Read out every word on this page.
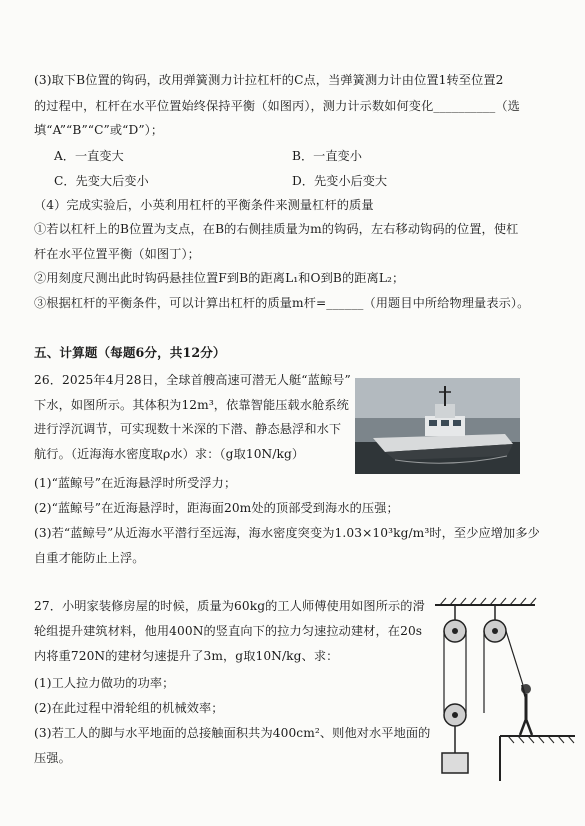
(3)取下B位置的钩码，改用弹簧测力计拉杠杆的C点，当弹簧测力计由位置1转至位置2
的过程中，杠杆在水平位置始终保持平衡（如图丙），测力计示数如何变化__________（选
填“A”“B”“C”或“D”）；
A．一直变大	B．一直变小
C．先变大后变小	D．先变小后变大
（4）完成实验后，小英利用杠杆的平衡条件来测量杠杆的质量
①若以杠杆上的B位置为支点，在B的右侧挂质量为m的钩码，左右移动钩码的位置，使杠
杆在水平位置平衡（如图丁）；
②用刻度尺测出此时钩码悬挂位置F到B的距离L₁和O到B的距离L₂；
③根据杠杆的平衡条件，可以计算出杠杆的质量m杆=______（用题目中所给物理量表示）。
五、计算题（每题6分，共12分）
26．2025年4月28日，全球首艘高速可潜无人艇“蓝鲸号”
下水，如图所示。其体积为12m³，依靠智能压载水舱系统
进行浮沉调节，可实现数十米深的下潜、静态悬浮和水下
航行。（近海海水密度取ρ水）求：（g取10N/kg）
(1)“蓝鲸号”在近海悬浮时所受浮力；
(2)“蓝鲸号”在近海悬浮时，距海面20m处的顶部受到海水的压强；
(3)若“蓝鲸号”从近海水平潜行至远海，海水密度突变为1.03×10³kg/m³时，至少应增加多少
自重才能防止上浮。
27．小明家装修房屋的时候，质量为60kg的工人师傅使用如图所示的滑
轮组提升建筑材料，他用400N的竖直向下的拉力匀速拉动建材，在20s
内将重720N的建材匀速提升了3m，g取10N/kg、求：
(1)工人拉力做功的功率；
(2)在此过程中滑轮组的机械效率；
(3)若工人的脚与水平地面的总接触面积共为400cm²、则他对水平地面的
压强。
